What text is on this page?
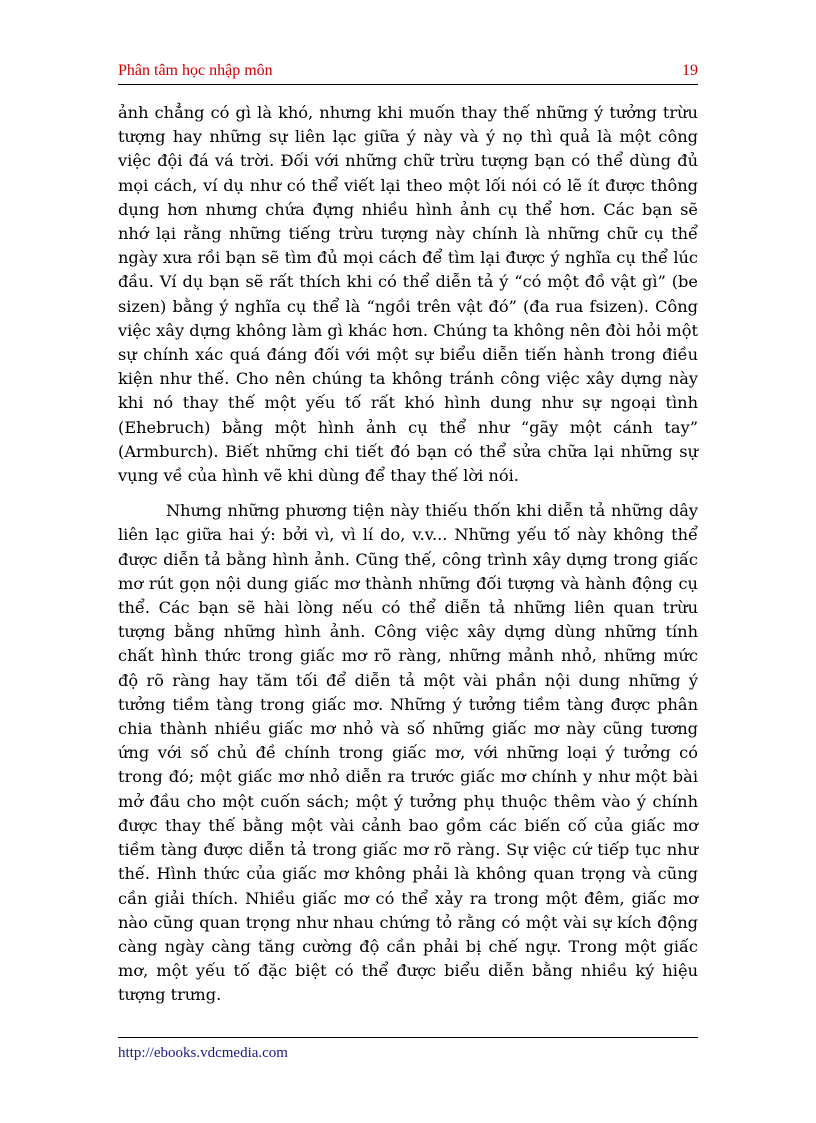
Phân tâm học nhập môn	19

ảnh chẳng có gì là khó, nhưng khi muốn thay thế những ý tưởng trừu tượng hay những sự liên lạc giữa ý này và ý nọ thì quả là một công việc đội đá vá trời. Đối với những chữ trừu tượng bạn có thể dùng đủ mọi cách, ví dụ như có thể viết lại theo một lối nói có lẽ ít được thông dụng hơn nhưng chứa đựng nhiều hình ảnh cụ thể hơn. Các bạn sẽ nhớ lại rằng những tiếng trừu tượng này chính là những chữ cụ thể ngày xưa rồi bạn sẽ tìm đủ mọi cách để tìm lại được ý nghĩa cụ thể lúc đầu. Ví dụ bạn sẽ rất thích khi có thể diễn tả ý “có một đồ vật gì” (be sizen) bằng ý nghĩa cụ thể là “ngồi trên vật đó” (đa rua fsizen). Công việc xây dựng không làm gì khác hơn. Chúng ta không nên đòi hỏi một sự chính xác quá đáng đối với một sự biểu diễn tiến hành trong điều kiện như thế. Cho nên chúng ta không tránh công việc xây dựng này khi nó thay thế một yếu tố rất khó hình dung như sự ngoại tình (Ehebruch) bằng một hình ảnh cụ thể như “gãy một cánh tay” (Armburch). Biết những chi tiết đó bạn có thể sửa chữa lại những sự vụng về của hình vẽ khi dùng để thay thế lời nói.

Nhưng những phương tiện này thiếu thốn khi diễn tả những dây liên lạc giữa hai ý: bởi vì, vì lí do, v.v... Những yếu tố này không thể được diễn tả bằng hình ảnh. Cũng thế, công trình xây dựng trong giấc mơ rút gọn nội dung giấc mơ thành những đối tượng và hành động cụ thể. Các bạn sẽ hài lòng nếu có thể diễn tả những liên quan trừu tượng bằng những hình ảnh. Công việc xây dựng dùng những tính chất hình thức trong giấc mơ rõ ràng, những mảnh nhỏ, những mức độ rõ ràng hay tăm tối để diễn tả một vài phần nội dung những ý tưởng tiềm tàng trong giấc mơ. Những ý tưởng tiềm tàng được phân chia thành nhiều giấc mơ nhỏ và số những giấc mơ này cũng tương ứng với số chủ đề chính trong giấc mơ, với những loại ý tưởng có trong đó; một giấc mơ nhỏ diễn ra trước giấc mơ chính y như một bài mở đầu cho một cuốn sách; một ý tưởng phụ thuộc thêm vào ý chính được thay thế bằng một vài cảnh bao gồm các biến cố của giấc mơ tiềm tàng được diễn tả trong giấc mơ rõ ràng. Sự việc cứ tiếp tục như thế. Hình thức của giấc mơ không phải là không quan trọng và cũng cần giải thích. Nhiều giấc mơ có thể xảy ra trong một đêm, giấc mơ nào cũng quan trọng như nhau chứng tỏ rằng có một vài sự kích động càng ngày càng tăng cường độ cần phải bị chế ngự. Trong một giấc mơ, một yếu tố đặc biệt có thể được biểu diễn bằng nhiều ký hiệu tượng trưng.

http://ebooks.vdcmedia.com
